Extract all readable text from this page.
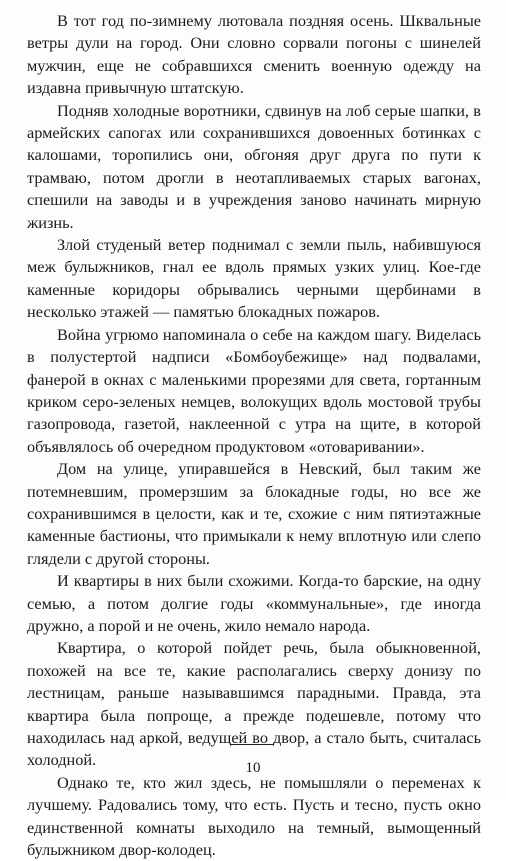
В тот год по-зимнему лютовала поздняя осень. Шквальные ветры дули на город. Они словно сорвали погоны с шинелей мужчин, еще не собравшихся сменить военную одежду на издавна привычную штатскую.

Подняв холодные воротники, сдвинув на лоб серые шапки, в армейских сапогах или сохранившихся довоенных ботинках с калошами, торопились они, обгоняя друг друга по пути к трамваю, потом дрогли в неотапливаемых старых вагонах, спешили на заводы и в учреждения заново начинать мирную жизнь.

Злой студеный ветер поднимал с земли пыль, набившуюся меж булыжников, гнал ее вдоль прямых узких улиц. Кое-где каменные коридоры обрывались черными щербинами в несколько этажей — памятью блокадных пожаров.

Война угрюмо напоминала о себе на каждом шагу. Виделась в полустертой надписи «Бомбоубежище» над подвалами, фанерой в окнах с маленькими прорезями для света, гортанным криком серо-зеленых немцев, волокущих вдоль мостовой трубы газопровода, газетой, наклеенной с утра на щите, в которой объявлялось об очередном продуктовом «отоваривании».

Дом на улице, упиравшейся в Невский, был таким же потемневшим, промерзшим за блокадные годы, но все же сохранившимся в целости, как и те, схожие с ним пятиэтажные каменные бастионы, что примыкали к нему вплотную или слепо глядели с другой стороны.

И квартиры в них были схожими. Когда-то барские, на одну семью, а потом долгие годы «коммунальные», где иногда дружно, а порой и не очень, жило немало народа.

Квартира, о которой пойдет речь, была обыкновенной, похожей на все те, какие располагались сверху донизу по лестницам, раньше называвшимся парадными. Правда, эта квартира была попроще, а прежде подешевле, потому что находилась над аркой, ведущей во двор, а стало быть, считалась холодной.

Однако те, кто жил здесь, не помышляли о переменах к лучшему. Радовались тому, что есть. Пусть и тесно, пусть окно единственной комнаты выходило на темный, вымощенный булыжником двор-колодец.

10
